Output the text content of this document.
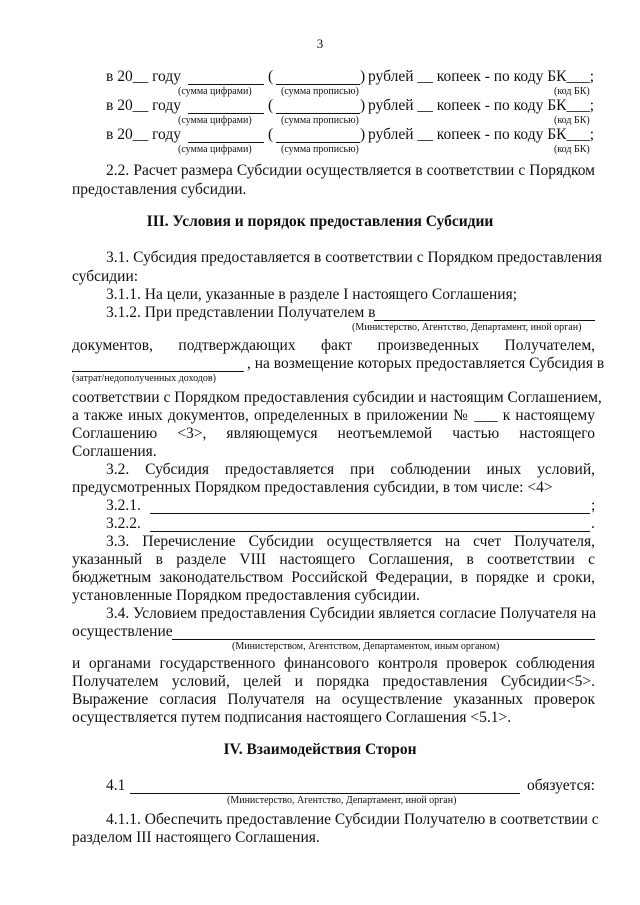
3
в 20__ году	(	) рублей __ копеек - по коду БК___;
(сумма цифрами)	(сумма прописью)	(код БК)
в 20__ году	(	) рублей __ копеек - по коду БК___;
(сумма цифрами)	(сумма прописью)	(код БК)
в 20__ году	(	) рублей __ копеек - по коду БК___;
(сумма цифрами)	(сумма прописью)	(код БК)
2.2. Расчет размера Субсидии осуществляется в соответствии с Порядком
предоставления субсидии.
III. Условия и порядок предоставления Субсидии
3.1. Субсидия предоставляется в соответствии с Порядком предоставления
субсидии:
3.1.1. На цели, указанные в разделе I настоящего Соглашения;
3.1.2. При представлении Получателем в
(Министерство, Агентство, Департамент, иной орган)
документов, подтверждающих факт произведенных Получателем,
, на возмещение которых предоставляется Субсидия в
(затрат/недополученных доходов)
соответствии с Порядком предоставления субсидии и настоящим Соглашением,
а также иных документов, определенных в приложении № ___ к настоящему
Соглашению <3>, являющемуся неотъемлемой частью настоящего
Соглашения.
3.2. Субсидия предоставляется при соблюдении иных условий,
предусмотренных Порядком предоставления субсидии, в том числе: <4>
3.2.1.	;
3.2.2.	.
3.3. Перечисление Субсидии осуществляется на счет Получателя,
указанный в разделе VIII настоящего Соглашения, в соответствии с
бюджетным законодательством Российской Федерации, в порядке и сроки,
установленные Порядком предоставления субсидии.
3.4. Условием предоставления Субсидии является согласие Получателя на
осуществление
(Министерством, Агентством, Департаментом, иным органом)
и органами государственного финансового контроля проверок соблюдения
Получателем условий, целей и порядка предоставления Субсидии<5>.
Выражение согласия Получателя на осуществление указанных проверок
осуществляется путем подписания настоящего Соглашения <5.1>.
IV. Взаимодействия Сторон
4.1	обязуется:
(Министерство, Агентство, Департамент, иной орган)
4.1.1. Обеспечить предоставление Субсидии Получателю в соответствии с
разделом III настоящего Соглашения.
